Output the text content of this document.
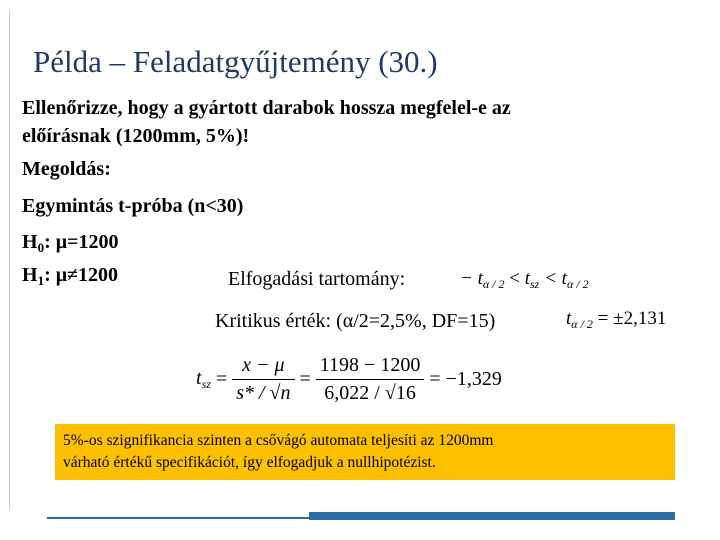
Példa – Feladatgyűjtemény (30.)
Ellenőrizze, hogy a gyártott darabok hossza megfelel-e az
előírásnak (1200mm, 5%)!
Megoldás:
Egymintás t-próba (n<30)
$H_0$: μ=1200
$H_1$: μ≠1200	Elfogadási tartomány:	− $t_{\alpha / 2} < t_{sz} < t_{\alpha / 2}$
Kritikus érték: (α/2=2,5%, DF=15)	$t_{\alpha / 2} = \pm 2,131$
$t_{sz} = \frac{x - \mu}{s* / √n} = \frac{1198 - 1200}{6,022 / √16} = -1,329$
5%-os szignifikancia szinten a csővágó automata teljesíti az 1200mm
várható értékű specifikációt, így elfogadjuk a nullhipotézist.
